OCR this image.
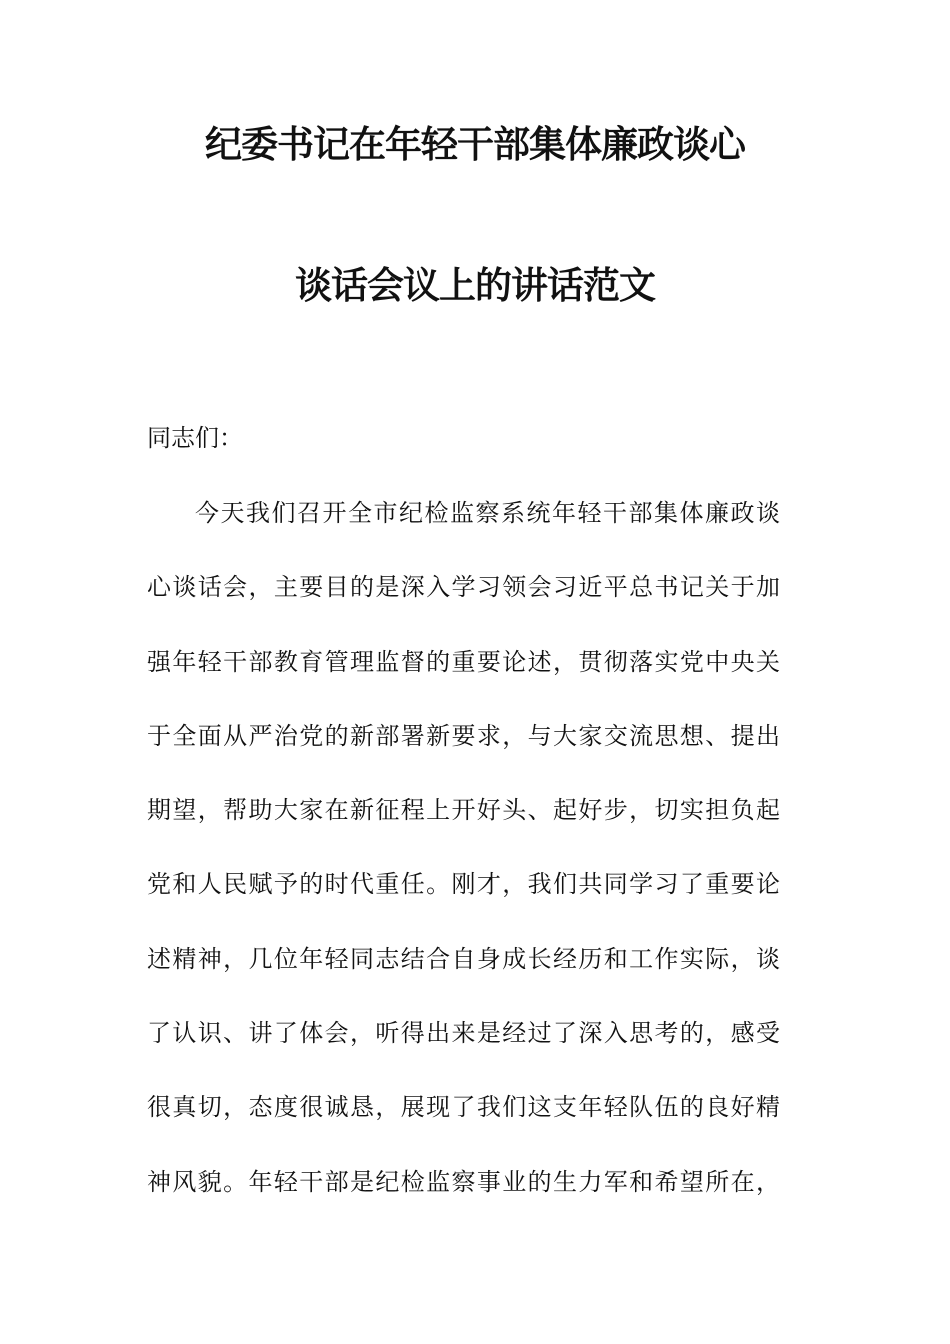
纪委书记在年轻干部集体廉政谈心
谈话会议上的讲话范文
同志们：
今天我们召开全市纪检监察系统年轻干部集体廉政谈
心谈话会，主要目的是深入学习领会习近平总书记关于加
强年轻干部教育管理监督的重要论述，贯彻落实党中央关
于全面从严治党的新部署新要求，与大家交流思想、提出
期望，帮助大家在新征程上开好头、起好步，切实担负起
党和人民赋予的时代重任。刚才，我们共同学习了重要论
述精神，几位年轻同志结合自身成长经历和工作实际，谈
了认识、讲了体会，听得出来是经过了深入思考的，感受
很真切，态度很诚恳，展现了我们这支年轻队伍的良好精
神风貌。年轻干部是纪检监察事业的生力军和希望所在，
